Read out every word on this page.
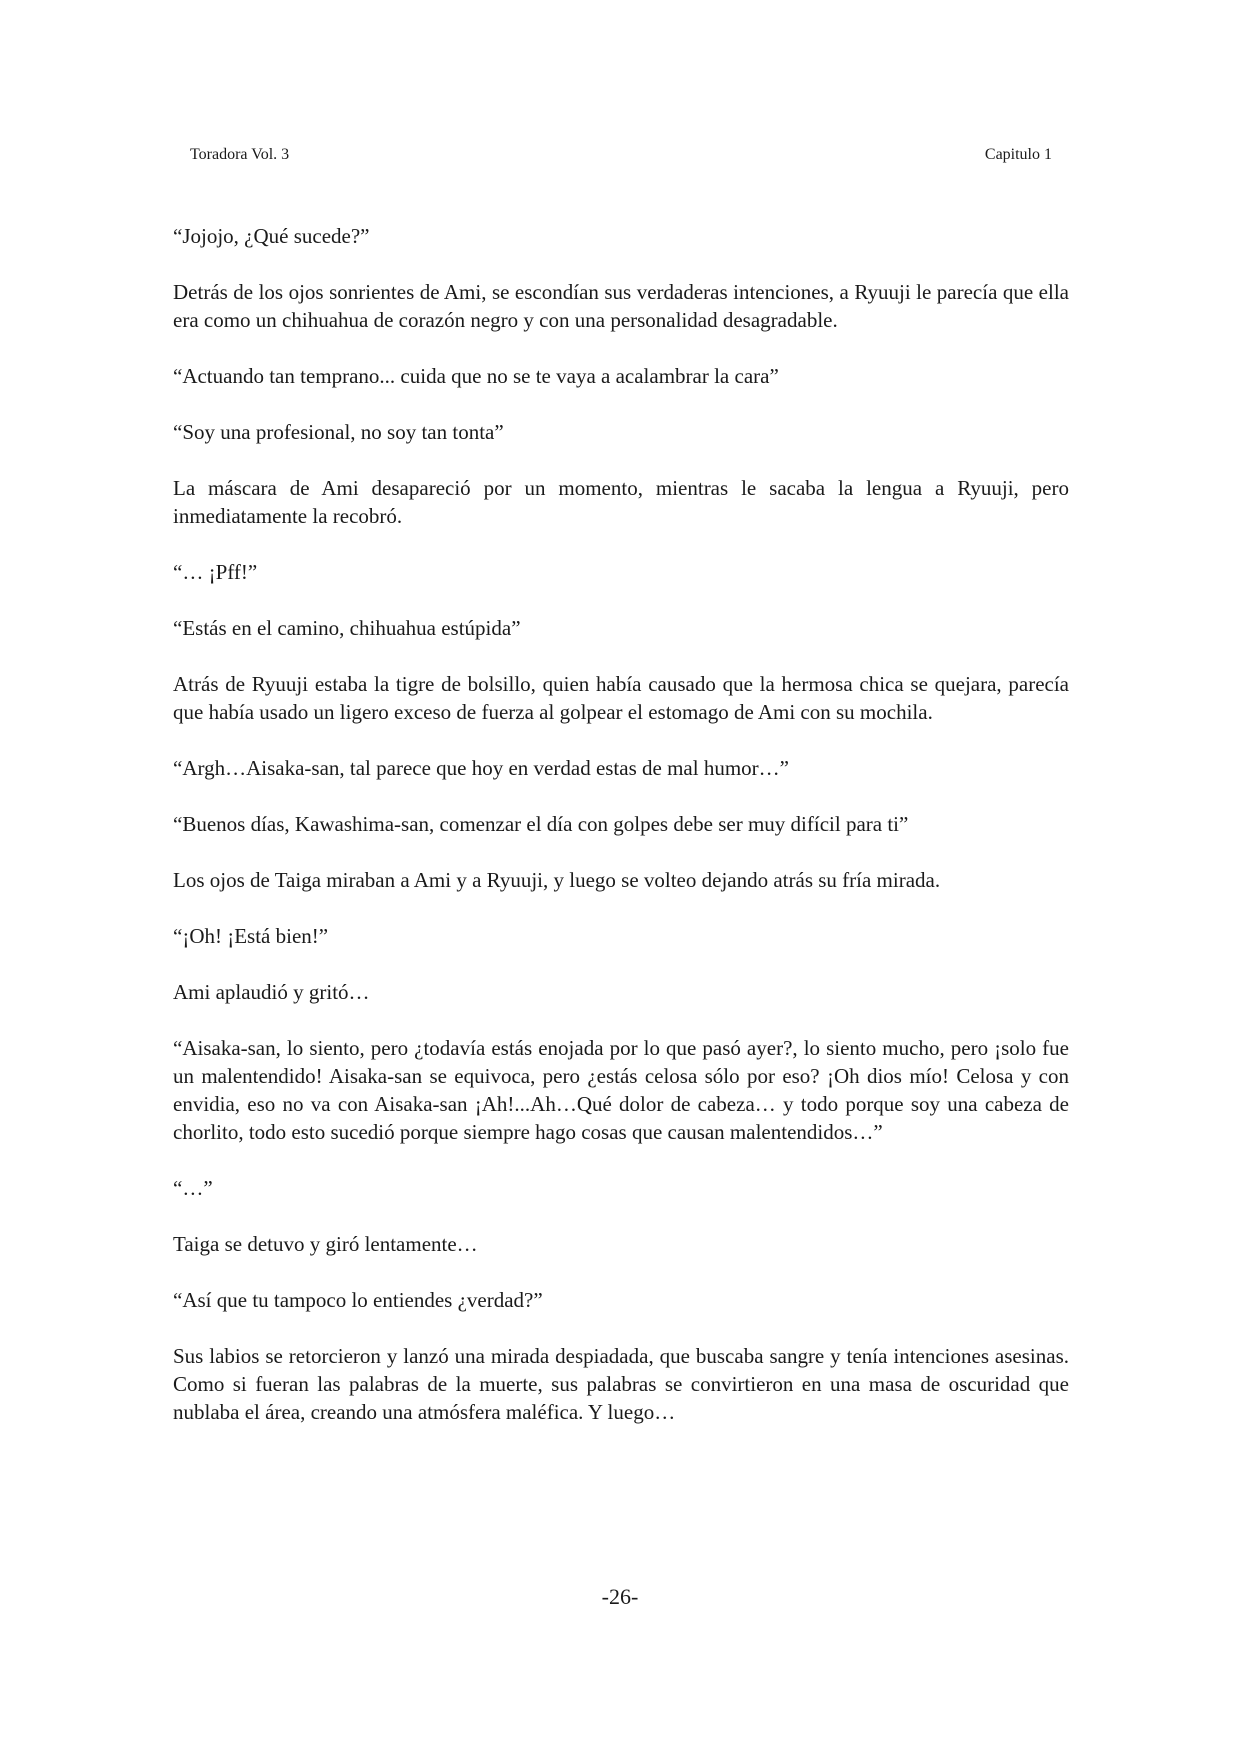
Toradora Vol. 3	Capitulo 1

“Jojojo, ¿Qué sucede?”

Detrás de los ojos sonrientes de Ami, se escondían sus verdaderas intenciones, a Ryuuji le parecía que ella era como un chihuahua de corazón negro y con una personalidad desagradable.

“Actuando tan temprano... cuida que no se te vaya a acalambrar la cara”

“Soy una profesional, no soy tan tonta”

La máscara de Ami desapareció por un momento, mientras le sacaba la lengua a Ryuuji, pero inmediatamente la recobró.

“… ¡Pff!”

“Estás en el camino, chihuahua estúpida”

Atrás de Ryuuji estaba la tigre de bolsillo, quien había causado que la hermosa chica se quejara, parecía que había usado un ligero exceso de fuerza al golpear el estomago de Ami con su mochila.

“Argh…Aisaka-san, tal parece que hoy en verdad estas de mal humor…”

“Buenos días, Kawashima-san, comenzar el día con golpes debe ser muy difícil para ti”

Los ojos de Taiga miraban a Ami y a Ryuuji, y luego se volteo dejando atrás su fría mirada.

“¡Oh! ¡Está bien!”

Ami aplaudió y gritó…

“Aisaka-san, lo siento, pero ¿todavía estás enojada por lo que pasó ayer?, lo siento mucho, pero ¡solo fue un malentendido! Aisaka-san se equivoca, pero ¿estás celosa sólo por eso? ¡Oh dios mío! Celosa y con envidia, eso no va con Aisaka-san ¡Ah!...Ah…Qué dolor de cabeza… y todo porque soy una cabeza de chorlito, todo esto sucedió porque siempre hago cosas que causan malentendidos…”

“…”

Taiga se detuvo y giró lentamente…

“Así que tu tampoco lo entiendes ¿verdad?”

Sus labios se retorcieron y lanzó una mirada despiadada, que buscaba sangre y tenía intenciones asesinas. Como si fueran las palabras de la muerte, sus palabras se convirtieron en una masa de oscuridad que nublaba el área, creando una atmósfera maléfica. Y luego…

-26-
